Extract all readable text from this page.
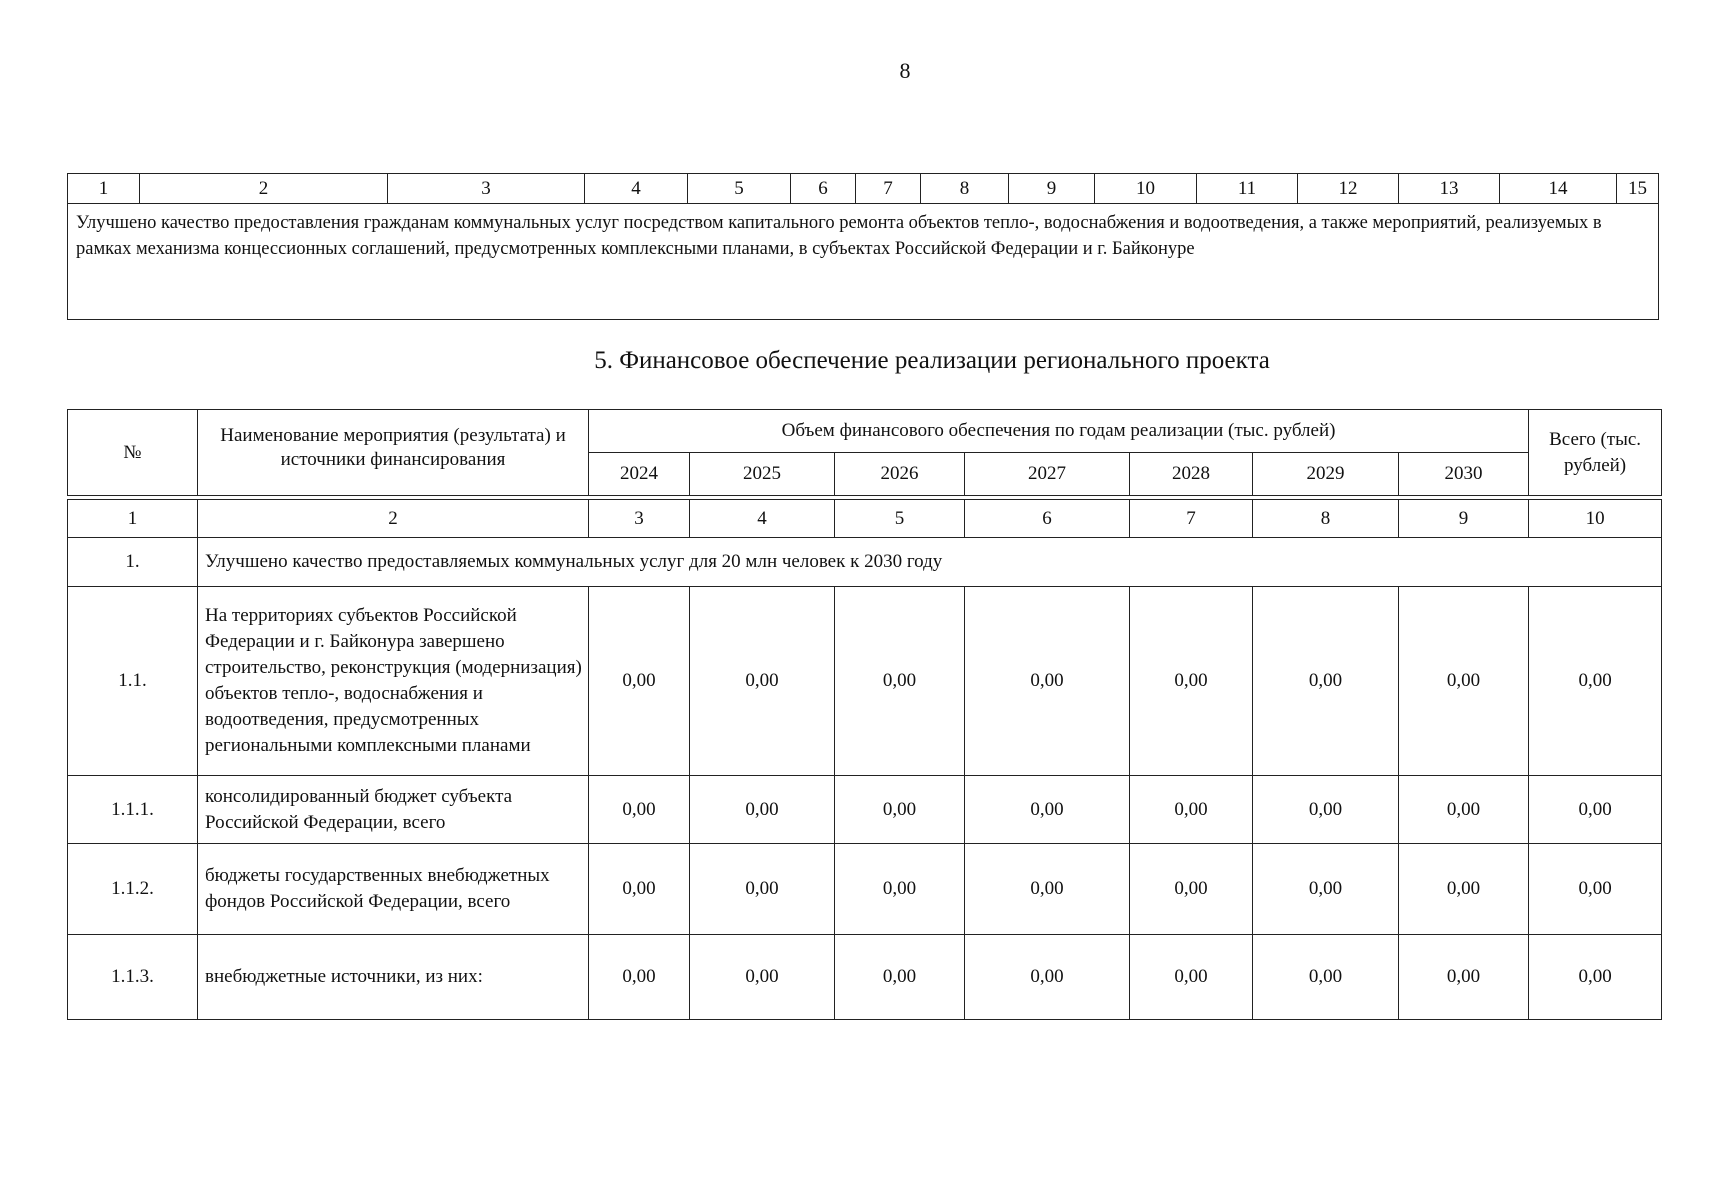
8
1	2	3	4	5	6	7	8	9	10	11	12	13	14	15
Улучшено качество предоставления гражданам коммунальных услуг посредством капитального ремонта объектов тепло-, водоснабжения и водоотведения, а также мероприятий, реализуемых в рамках механизма концессионных соглашений, предусмотренных комплексными планами, в субъектах Российской Федерации и г. Байконуре
5. Финансовое обеспечение реализации регионального проекта
№	Наименование мероприятия (результата) и источники финансирования	Объем финансового обеспечения по годам реализации (тыс. рублей)							Всего (тыс. рублей)
		2024	2025	2026	2027	2028	2029	2030	

1	2	3	4	5	6	7	8	9	10
1.	Улучшено качество предоставляемых коммунальных услуг для 20 млн человек к 2030 году								
1.1.	На территориях субъектов Российской Федерации и г. Байконура завершено строительство, реконструкция (модернизация) объектов тепло-, водоснабжения и водоотведения, предусмотренных региональными комплексными планами	0,00	0,00	0,00	0,00	0,00	0,00	0,00	0,00
1.1.1.	консолидированный бюджет субъекта Российской Федерации, всего	0,00	0,00	0,00	0,00	0,00	0,00	0,00	0,00
1.1.2.	бюджеты государственных внебюджетных фондов Российской Федерации, всего	0,00	0,00	0,00	0,00	0,00	0,00	0,00	0,00
1.1.3.	внебюджетные источники, из них:	0,00	0,00	0,00	0,00	0,00	0,00	0,00	0,00
